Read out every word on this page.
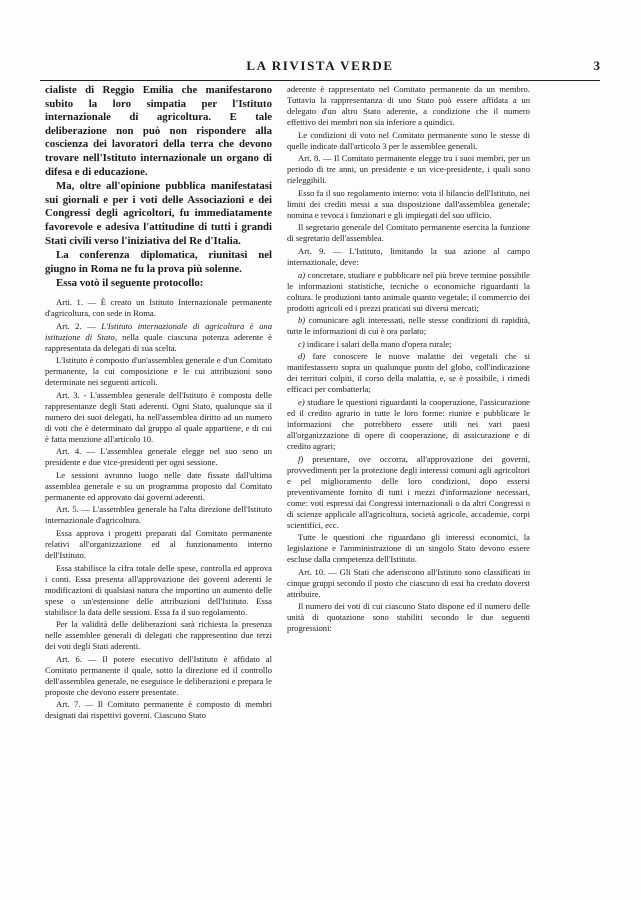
LA RIVISTA VERDE	3

cialiste di Reggio Emilia che manifestarono subito la loro simpatia per l'Istituto internazionale di agricoltura. E tale deliberazione non può non rispondere alla coscienza dei lavoratori della terra che devono trovare nell'Istituto internazionale un organo di difesa e di educazione.

Ma, oltre all'opinione pubblica manifestatasi sui giornali e per i voti delle Associazioni e dei Congressi degli agricoltori, fu immediatamente favorevole e adesiva l'attitudine di tutti i grandi Stati civili verso l'iniziativa del Re d'Italia.

La conferenza diplomatica, riunitasi nel giugno in Roma ne fu la prova più solenne.

Essa votò il seguente protocollo:

Arti. 1. — È creato un Istituto Internazionale permanente d'agricoltura, con sede in Roma.

Art. 2. — L'Istituto internazionale di agricoltura è una istituzione di Stato, nella quale ciascuna potenza aderente è rappresentata da delegati di sua scelta.

L'Istituto è composto d'un'assemblea generale e d'un Comitato permanente, la cui composizione e le cui attribuzioni sono determinate nei seguenti articoli.

Art. 3. - L'assemblea generale dell'Istituto è composta delle rappresentanze degli Stati aderenti. Ogni Stato, qualunque sia il numero dei suoi delegati, ha nell'assemblea diritto ad un numero di voti che è determinato dal gruppo al quale appartiene, e di cui è fatta menzione all'articolo 10.

Art. 4. — L'assemblea generale elegge nel suo seno un presidente e due vice-presidenti per ogni sessione.

Le sessioni avranno luogo nelle date fissate dall'ultima assemblea generale e su un programma proposto dal Comitato permanente ed approvato dai governi aderenti.

Art. 5. — L'assemblea generale ha l'alta direzione dell'Istituto internazionale d'agricoltura.

Essa approva i progetti preparati dal Comitato permanente relativi all'organizzazione ed al funzionamento interno dell'Istituto.

Essa stabilisce la cifra totale delle spese, controlla ed approva i conti. Essa presenta all'approvazione dei governi aderenti le modificazioni di qualsiasi natura che importino un aumento delle spese o un'estensione delle attribuzioni dell'Istituto. Essa stabilisce la data delle sessioni. Essa fa il suo regolamento.

Per la validità delle deliberazioni sarà richiesta la presenza nelle assemblee generali di delegati che rappresentino due terzi dei voti degli Stati aderenti.

Art. 6. — Il potere esecutivo dell'Istituto è affidato al Comitato permanente il quale, sotto la direzione ed il controllo dell'assemblea generale, ne eseguisce le deliberazioni e prepara le proposte che devono essere presentate.

Art. 7. — Il Comitato permanente è composto di membri designati dai rispettivi governi. Ciascuno Stato

aderente è rappresentato nel Comitato permanente da un membro. Tuttavia la rappresentanza di uno Stato può essere affidata a un delegato d'un altro Stato aderente, a condizione che il numero effettivo dei membri non sia inferiore a quindici.

Le condizioni di voto nel Comitato permanente sono le stesse di quelle indicate dall'articolo 3 per le assemblee generali.

Art. 8. — Il Comitato permanente elegge tra i suoi membri, per un periodo di tre anni, un presidente e un vice-presidente, i quali sono rieleggibili.

Esso fa il suo regolamento interno: vota il bilancio dell'Istituto, nei limiti dei crediti messi a sua disposizione dall'assemblea generale; nomina e revoca i funzionari e gli impiegati del suo ufficio.

Il segretario generale del Comitato permanente esercita la funzione di segretario dell'assemblea.

Art. 9. — L'Istituto, limitando la sua azione al campo internazionale, deve:

a) concretare, studiare e pubblicare nel più breve termine possibile le informazioni statistiche, tecniche o economiche riguardanti la coltura. le produzioni tanto animale quanto vegetale; il commercio dei prodotti agricoli ed i prezzi praticati sui diversi mercati;

b) comunicare agli interessati, nelle stesse condizioni di rapidità, tutte le informazioni di cui è ora parlato;

c) indicare i salari della mano d'opera rurale;

d) fare conoscere le nuove malattie dei vegetali che si manifestassero sopra un qualunque punto del globo, coll'indicazione dei territori colpiti, il corso della malattia, e, se è possibile, i rimedi efficaci per combatterla;

e) studiare le questioni riguardanti la cooperazione, l'assicurazione ed il credito agrario in tutte le loro forme: riunire e pubblicare le informazioni che potrebbero essere utili nei vari paesi all'organizzazione di opere di cooperazione, di assicurazione e di credito agrari;

f) presentare, ove occorra, all'approvazione dei governi, provvedimenti per la protezione degli interessi comuni agli agricoltori e pel miglioramento delle loro condizioni, dopo essersi preventivamente fornito di tutti i mezzi d'informazione necessari, come: voti espressi dai Congressi internazionali o da altri Congressi o di scienze applicale all'agricoltura, società agricole, accademie, corpi scientifici, ecc.

Tutte le questioni che riguardano gli interessi economici, la legislazione e l'amministrazione di un singolo Stato devono essere escluse dalla competenza dell'Istituto.

Art. 10. — Gli Stati che aderiscono all'Istituto sono classificati in cinque gruppi secondo il posto che ciascuno di essi ha creduto doverst attribuire.

Il numero dei voti di cui ciascuno Stato dispone ed il numero delle unità di quotazione sono stabiliti secondo le due seguenti progressioni:
